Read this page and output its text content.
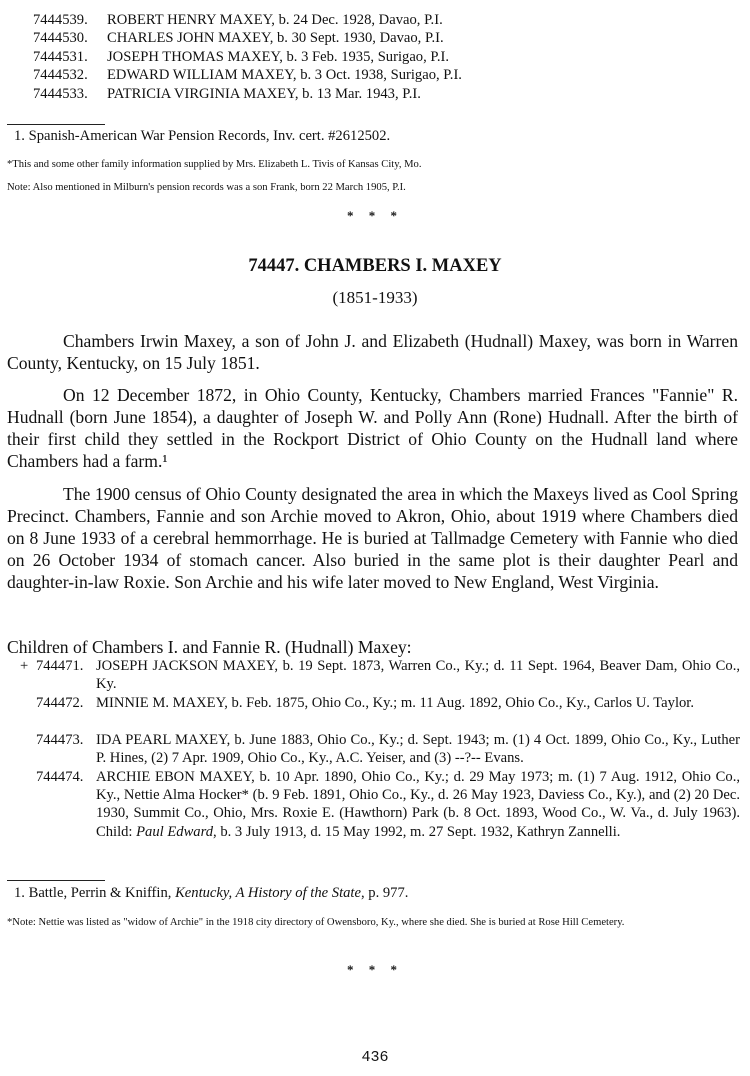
7444539. ROBERT HENRY MAXEY, b. 24 Dec. 1928, Davao, P.I.
7444530. CHARLES JOHN MAXEY, b. 30 Sept. 1930, Davao, P.I.
7444531. JOSEPH THOMAS MAXEY, b. 3 Feb. 1935, Surigao, P.I.
7444532. EDWARD WILLIAM MAXEY, b. 3 Oct. 1938, Surigao, P.I.
7444533. PATRICIA VIRGINIA MAXEY, b. 13 Mar. 1943, P.I.
1. Spanish-American War Pension Records, Inv. cert. #2612502.
*This and some other family information supplied by Mrs. Elizabeth L. Tivis of Kansas City, Mo.
Note: Also mentioned in Milburn's pension records was a son Frank, born 22 March 1905, P.I.
* * *
74447. CHAMBERS I. MAXEY
(1851-1933)
Chambers Irwin Maxey, a son of John J. and Elizabeth (Hudnall) Maxey, was born in Warren County, Kentucky, on 15 July 1851.
On 12 December 1872, in Ohio County, Kentucky, Chambers married Frances "Fannie" R. Hudnall (born June 1854), a daughter of Joseph W. and Polly Ann (Rone) Hudnall. After the birth of their first child they settled in the Rockport District of Ohio County on the Hudnall land where Chambers had a farm.¹
The 1900 census of Ohio County designated the area in which the Maxeys lived as Cool Spring Precinct. Chambers, Fannie and son Archie moved to Akron, Ohio, about 1919 where Chambers died on 8 June 1933 of a cerebral hemmorrhage. He is buried at Tallmadge Cemetery with Fannie who died on 26 October 1934 of stomach cancer. Also buried in the same plot is their daughter Pearl and daughter-in-law Roxie. Son Archie and his wife later moved to New England, West Virginia.
Children of Chambers I. and Fannie R. (Hudnall) Maxey:
+ 744471. JOSEPH JACKSON MAXEY, b. 19 Sept. 1873, Warren Co., Ky.; d. 11 Sept. 1964, Beaver Dam, Ohio Co., Ky.
744472. MINNIE M. MAXEY, b. Feb. 1875, Ohio Co., Ky.; m. 11 Aug. 1892, Ohio Co., Ky., Carlos U. Taylor.
744473. IDA PEARL MAXEY, b. June 1883, Ohio Co., Ky.; d. Sept. 1943; m. (1) 4 Oct. 1899, Ohio Co., Ky., Luther P. Hines, (2) 7 Apr. 1909, Ohio Co., Ky., A.C. Yeiser, and (3) --?-- Evans.
744474. ARCHIE EBON MAXEY, b. 10 Apr. 1890, Ohio Co., Ky.; d. 29 May 1973; m. (1) 7 Aug. 1912, Ohio Co., Ky., Nettie Alma Hocker* (b. 9 Feb. 1891, Ohio Co., Ky., d. 26 May 1923, Daviess Co., Ky.), and (2) 20 Dec. 1930, Summit Co., Ohio, Mrs. Roxie E. (Hawthorn) Park (b. 8 Oct. 1893, Wood Co., W. Va., d. July 1963). Child: Paul Edward, b. 3 July 1913, d. 15 May 1992, m. 27 Sept. 1932, Kathryn Zannelli.
1. Battle, Perrin & Kniffin, Kentucky, A History of the State, p. 977.
*Note: Nettie was listed as "widow of Archie" in the 1918 city directory of Owensboro, Ky., where she died. She is buried at Rose Hill Cemetery.
* * *
436
